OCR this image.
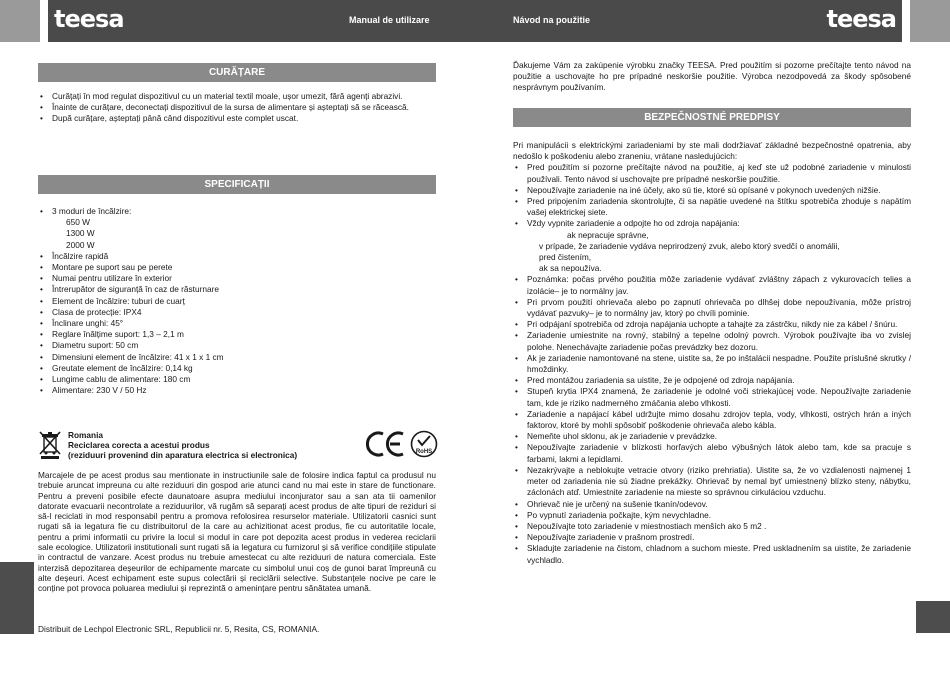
teesa	Manual de utilizare	Návod na použitie	teesa
CURĂȚARE
• Curățați în mod regulat dispozitivul cu un material textil moale, ușor umezit, fără agenți abrazivi.
• Înainte de curățare, deconectați dispozitivul de la sursa de alimentare și așteptați să se răcească.
• După curățare, așteptați până când dispozitivul este complet uscat.
SPECIFICAȚII
• 3 moduri de încălzire:
650 W
1300 W
2000 W
• Încălzire rapidă
• Montare pe suport sau pe perete
• Numai pentru utilizare în exterior
• Întrerupător de siguranță în caz de răsturnare
• Element de încălzire: tuburi de cuarț
• Clasa de protecție: IPX4
• Înclinare unghi: 45°
• Reglare înălțime suport: 1,3 – 2,1 m
• Diametru suport: 50 cm
• Dimensiuni element de încălzire: 41 x 1 x 1 cm
• Greutate element de încălzire: 0,14 kg
• Lungime cablu de alimentare: 180 cm
• Alimentare: 230 V / 50 Hz
Romania
Reciclarea corecta a acestui produs
(reziduuri provenind din aparatura electrica si electronica)	RoHS
Marcajele de pe acest produs sau mentionate in instructiunile sale de folosire indica faptul ca produsul nu trebuie aruncat impreuna cu alte reziduuri din gospod arie atunci cand nu mai este in stare de functionare. Pentru a preveni posibile efecte daunatoare asupra mediului inconjurator sau a san ata tii oamenilor datorate evacuarii necontrolate a reziduurilor, vă rugăm să separați acest produs de alte tipuri de reziduri si să-l reciclati in mod responsabil pentru a promova refolosirea resurselor materiale. Utilizatorii casnici sunt rugati să ia legatura fie cu distribuitorul de la care au achizitionat acest produs, fie cu autoritatile locale, pentru a primi informatii cu privire la locul si modul in care pot depozita acest produs in vederea reciclarii sale ecologice. Utilizatorii institutionali sunt rugati să ia legatura cu furnizorul și să verifice condițiile stipulate in contractul de vanzare. Acest produs nu trebuie amestecat cu alte reziduuri de natura comerciala. Este interzisă depozitarea deșeurilor de echipamente marcate cu simbolul unui coș de gunoi barat împreună cu alte deșeuri. Acest echipament este supus colectării și reciclării selective. Substanțele nocive pe care le conține pot provoca poluarea mediului și reprezintă o amenințare pentru sănătatea umană.
Distribuit de Lechpol Electronic SRL, Republicii nr. 5, Resita, CS, ROMANIA.
Ďakujeme Vám za zakúpenie výrobku značky TEESA. Pred použitím si pozorne prečítajte tento návod na použitie a uschovajte ho pre prípadné neskoršie použitie. Výrobca nezodpovedá za škody spôsobené nesprávnym používaním.
BEZPEČNOSTNÉ PREDPISY

Pri manipulácii s elektrickými zariadeniami by ste mali dodržiavať základné bezpečnostné opatrenia, aby nedošlo k poškodeniu alebo zraneniu, vrátane nasledujúcich:

• Pred použitím si pozorne prečítajte návod na použitie, aj keď ste už podobné zariadenie v minulosti používali. Tento návod si uschovajte pre prípadné neskoršie použitie.
• Nepoužívajte zariadenie na iné účely, ako sú tie, ktoré sú opísané v pokynoch uvedených nižšie.
• Pred pripojením zariadenia skontrolujte, či sa napätie uvedené na štítku spotrebiča zhoduje s napätím vašej elektrickej siete.
• Vždy vypnite zariadenie a odpojte ho od zdroja napájania:
ak nepracuje správne,
v prípade, že zariadenie vydáva neprirodzený zvuk, alebo ktorý svedčí o anomálii,
pred čistením,
ak sa nepoužíva.
• Poznámka: počas prvého použitia môže zariadenie vydávať zvláštny zápach z vykurovacích telies a izolácie– je to normálny jav.
• Pri prvom použití ohrievača alebo po zapnutí ohrievača po dlhšej dobe nepoužívania, môže prístroj vydávať pazvuky– je to normálny jav, ktorý po chvíli pominie.
• Pri odpájaní spotrebiča od zdroja napájania uchopte a tahajte za zástrčku, nikdy nie za kábel / šnúru.
• Zariadenie umiestnite na rovný, stabilný a tepelne odolný povrch. Výrobok používajte iba vo zvislej polohe. Nenechávajte zariadenie počas prevádzky bez dozoru.
• Ak je zariadenie namontované na stene, uistite sa, že po inštalácii nespadne. Použite príslušné skrutky / hmoždinky.
• Pred montážou zariadenia sa uistite, že je odpojené od zdroja napájania.
• Stupeň krytia IPX4 znamená, že zariadenie je odolné voči striekajúcej vode. Nepoužívajte zariadenie tam, kde je riziko nadmerného zmáčania alebo vlhkosti.
• Zariadenie a napájací kábel udržujte mimo dosahu zdrojov tepla, vody, vlhkosti, ostrých hrán a iných faktorov, ktoré by mohli spôsobiť poškodenie ohrievača alebo kábla.
• Nemeňte uhol sklonu, ak je zariadenie v prevádzke.
• Nepoužívajte zariadenie v blízkosti horľavých alebo výbušných látok alebo tam, kde sa pracuje s farbami, lakmi a lepidlami.
• Nezakrývajte a neblokujte vetracie otvory (riziko prehriatia). Uistite sa, že vo vzdialenosti najmenej 1 meter od zariadenia nie sú žiadne prekážky. Ohrievač by nemal byť umiestnený blízko steny, nábytku, záclonách atď. Umiestnite zariadenie na mieste so správnou cirkuláciou vzduchu.
• Ohrievač nie je určený na sušenie tkanín/odevov.
• Po vypnutí zariadenia počkajte, kým nevychladne.
• Nepoužívajte toto zariadenie v miestnostiach menších ako 5 m2 .
• Nepoužívajte zariadenie v prašnom prostredí.
• Skladujte zariadenie na čistom, chladnom a suchom mieste. Pred uskladnením sa uistite, že zariadenie vychladlo.
